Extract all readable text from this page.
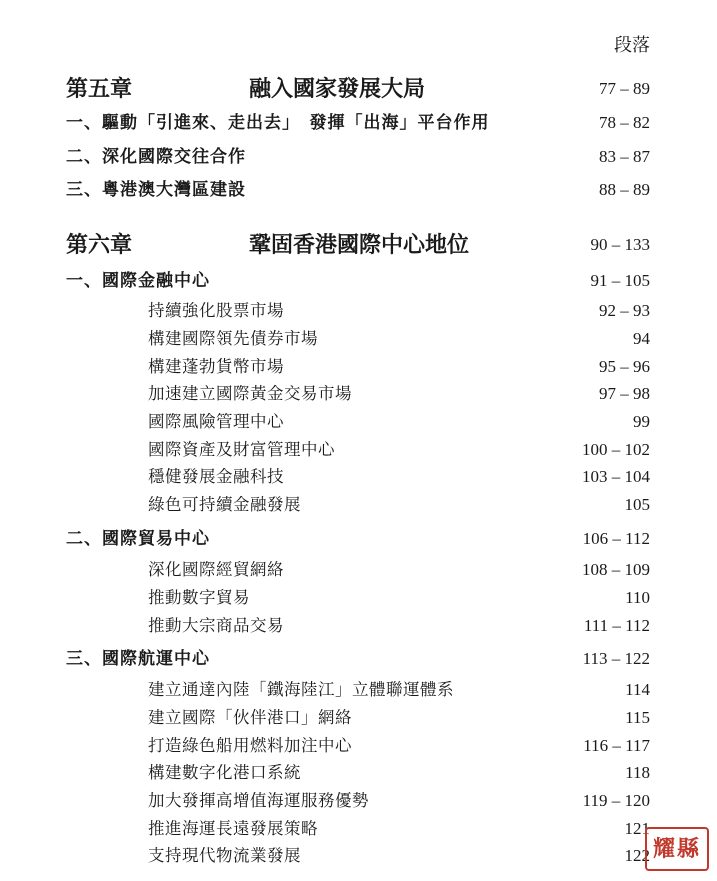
段落
第五章	融入國家發展大局	77 – 89
一、驅動「引進來、走出去」　發揮「出海」平台作用	78 – 82
二、深化國際交往合作	83 – 87
三、粵港澳大灣區建設	88 – 89
第六章	鞏固香港國際中心地位	90 – 133
一、國際金融中心	91 – 105
持續強化股票市場	92 – 93
構建國際領先債券市場	94
構建蓬勃貨幣市場	95 – 96
加速建立國際黃金交易市場	97 – 98
國際風險管理中心	99
國際資產及財富管理中心	100 – 102
穩健發展金融科技	103 – 104
綠色可持續金融發展	105
二、國際貿易中心	106 – 112
深化國際經貿網絡	108 – 109
推動數字貿易	110
推動大宗商品交易	111 – 112
三、國際航運中心	113 – 122
建立通達內陸「鐵海陸江」立體聯運體系	114
建立國際「伙伴港口」網絡	115
打造綠色船用燃料加注中心	116 – 117
構建數字化港口系統	118
加大發揮高增值海運服務優勢	119 – 120
推進海運長遠發展策略	121
支持現代物流業發展	122 耀縣
